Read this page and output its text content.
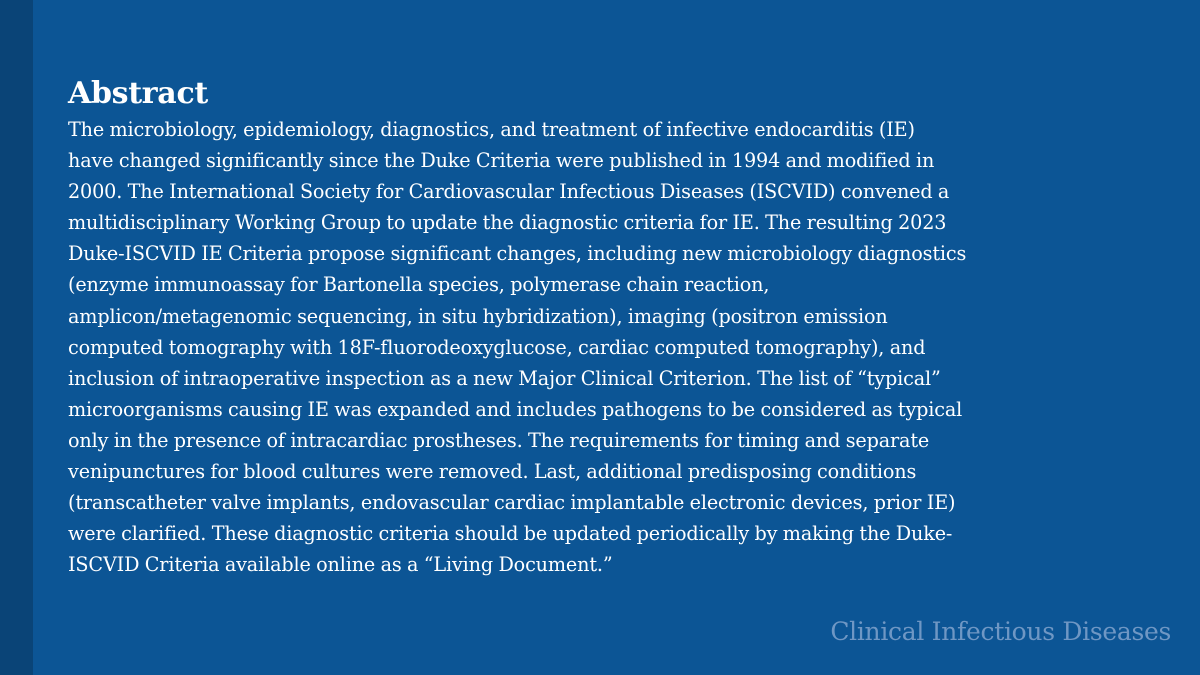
Abstract

The microbiology, epidemiology, diagnostics, and treatment of infective endocarditis (IE)
have changed significantly since the Duke Criteria were published in 1994 and modified in
2000. The International Society for Cardiovascular Infectious Diseases (ISCVID) convened a
multidisciplinary Working Group to update the diagnostic criteria for IE. The resulting 2023
Duke-ISCVID IE Criteria propose significant changes, including new microbiology diagnostics
(enzyme immunoassay for Bartonella species, polymerase chain reaction,
amplicon/metagenomic sequencing, in situ hybridization), imaging (positron emission
computed tomography with 18F-fluorodeoxyglucose, cardiac computed tomography), and
inclusion of intraoperative inspection as a new Major Clinical Criterion. The list of “typical”
microorganisms causing IE was expanded and includes pathogens to be considered as typical
only in the presence of intracardiac prostheses. The requirements for timing and separate
venipunctures for blood cultures were removed. Last, additional predisposing conditions
(transcatheter valve implants, endovascular cardiac implantable electronic devices, prior IE)
were clarified. These diagnostic criteria should be updated periodically by making the Duke-
ISCVID Criteria available online as a “Living Document.”

Clinical Infectious Diseases
